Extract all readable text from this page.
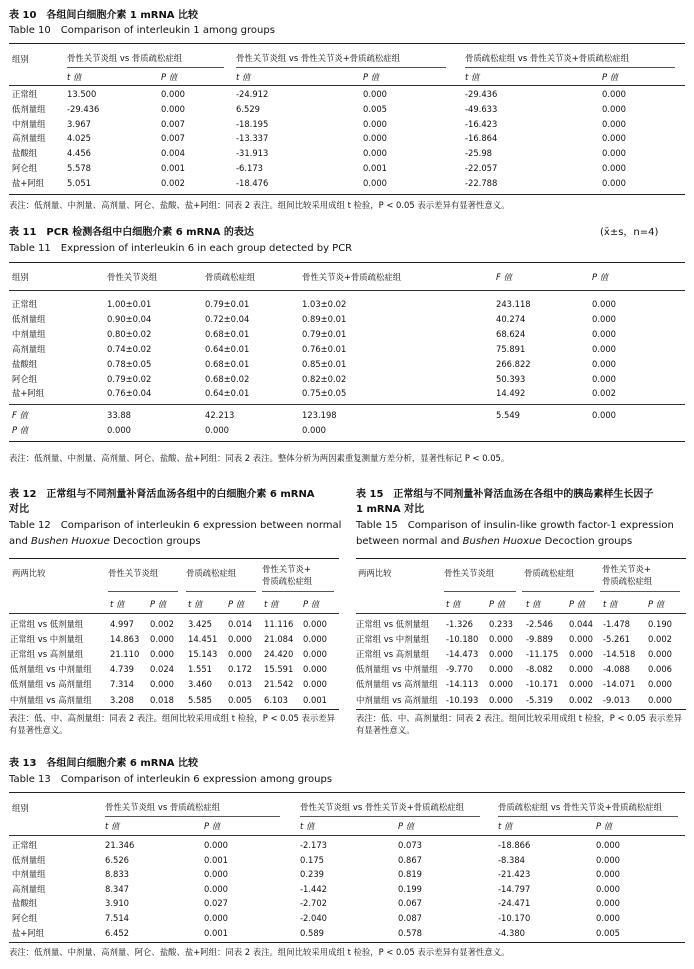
表 10　各组间白细胞介素 1 mRNA 比较
Table 10　Comparison of interleukin 1 among groups
组别	骨性关节炎组 vs 骨质疏松症组	骨性关节炎组 vs 骨性关节炎+骨质疏松症组	骨质疏松症组 vs 骨性关节炎+骨质疏松症组
t 值	P 值	t 值	P 值	t 值	P 值
正常组	13.500	0.000	-24.912	0.000	-29.436	0.000
低剂量组	-29.436	0.000	6.529	0.005	-49.633	0.000
中剂量组	3.967	0.007	-18.195	0.000	-16.423	0.000
高剂量组	4.025	0.007	-13.337	0.000	-16.864	0.000
盐酸组	4.456	0.004	-31.913	0.000	-25.98	0.000
阿仑组	5.578	0.001	-6.173	0.001	-22.057	0.000
盐+阿组	5.051	0.002	-18.476	0.000	-22.788	0.000
表注：低剂量、中剂量、高剂量、阿仑、盐酸、盐+阿组：同表 2 表注。组间比较采用成组 t 检验，P < 0.05 表示差异有显著性意义。
表 11　PCR 检测各组中白细胞介素 6 mRNA 的表达	(x̄±s，n=4)
Table 11　Expression of interleukin 6 in each group detected by PCR
组别	骨性关节炎组	骨质疏松症组	骨性关节炎+骨质疏松症组	F 值	P 值
正常组	1.00±0.01	0.79±0.01	1.03±0.02	243.118	0.000
低剂量组	0.90±0.04	0.72±0.04	0.89±0.01	40.274	0.000
中剂量组	0.80±0.02	0.68±0.01	0.79±0.01	68.624	0.000
高剂量组	0.74±0.02	0.64±0.01	0.76±0.01	75.891	0.000
盐酸组	0.78±0.05	0.68±0.01	0.85±0.01	266.822	0.000
阿仑组	0.79±0.02	0.68±0.02	0.82±0.02	50.393	0.000
盐+阿组	0.76±0.04	0.64±0.01	0.75±0.05	14.492	0.002
F 值	33.88	42.213	123.198	5.549	0.000
P 值	0.000	0.000	0.000
表注：低剂量、中剂量、高剂量、阿仑、盐酸、盐+阿组：同表 2 表注。整体分析为两因素重复测量方差分析，显著性标记 P < 0.05。
表 12　正常组与不同剂量补肾活血汤各组中的白细胞介素 6 mRNA
对比
Table 12　Comparison of interleukin 6 expression between normal
and Bushen Huoxue Decoction groups
两两比较	骨性关节炎组	骨质疏松症组	骨性关节炎+
骨质疏松症组
t 值	P 值	t 值	P 值 t 值	P 值
正常组 vs 低剂量组	4.997 0.002 3.425 0.014 11.116 0.000
正常组 vs 中剂量组	14.863 0.000 14.451 0.000 21.084 0.000
正常组 vs 高剂量组	21.110 0.000 15.143 0.000 24.420 0.000
低剂量组 vs 中剂量组 4.739 0.024 1.551 0.172 15.591 0.000
低剂量组 vs 高剂量组 7.314 0.000 3.460 0.013 21.542 0.000
中剂量组 vs 高剂量组 3.208 0.018 5.585 0.005 6.103 0.001
表注：低、中、高剂量组：同表 2 表注。组间比较采用成组 t 检验，P < 0.05 表示差异有显著性意义。
表 15　正常组与不同剂量补肾活血汤在各组中的胰岛素样生长因子
1 mRNA 对比
Table 15　Comparison of insulin-like growth factor-1 expression
between normal and Bushen Huoxue Decoction groups
两两比较	骨性关节炎组	骨质疏松症组	骨性关节炎+
骨质疏松症组
t 值	P 值 t 值	P 值 t 值	P 值
正常组 vs 低剂量组 -1.326 0.233 -2.546 0.044 -1.478 0.190
正常组 vs 中剂量组 -10.180 0.000 -9.889 0.000 -5.261 0.002
正常组 vs 高剂量组 -14.473 0.000 -11.175 0.000 -14.518 0.000
低剂量组 vs 中剂量组 -9.770 0.000 -8.082 0.000 -4.088 0.006
低剂量组 vs 高剂量组 -14.113 0.000 -10.171 0.000 -14.071 0.000
中剂量组 vs 高剂量组 -10.193 0.000 -5.319 0.002 -9.013 0.000
表注：低、中、高剂量组：同表 2 表注。组间比较采用成组 t 检验，P < 0.05 表示差异有显著性意义。
表 13　各组间白细胞介素 6 mRNA 比较
Table 13　Comparison of interleukin 6 expression among groups
组别	骨性关节炎组 vs 骨质疏松症组	骨性关节炎组 vs 骨性关节炎+骨质疏松症组	骨质疏松症组 vs 骨性关节炎+骨质疏松症组
t 值	P 值	t 值	P 值	t 值	P 值
正常组	21.346	0.000	-2.173	0.073	-18.866	0.000
低剂量组	6.526	0.001	0.175	0.867	-8.384	0.000
中剂量组	8.833	0.000	0.239	0.819	-21.423	0.000
高剂量组	8.347	0.000	-1.442	0.199	-14.797	0.000
盐酸组	3.910	0.027	-2.702	0.067	-24.471	0.000
阿仑组	7.514	0.000	-2.040	0.087	-10.170	0.000
盐+阿组	6.452	0.001	0.589	0.578	-4.380	0.005
表注：低剂量、中剂量、高剂量、阿仑、盐酸、盐+阿组：同表 2 表注。组间比较采用成组 t 检验，P < 0.05 表示差异有显著性意义。
